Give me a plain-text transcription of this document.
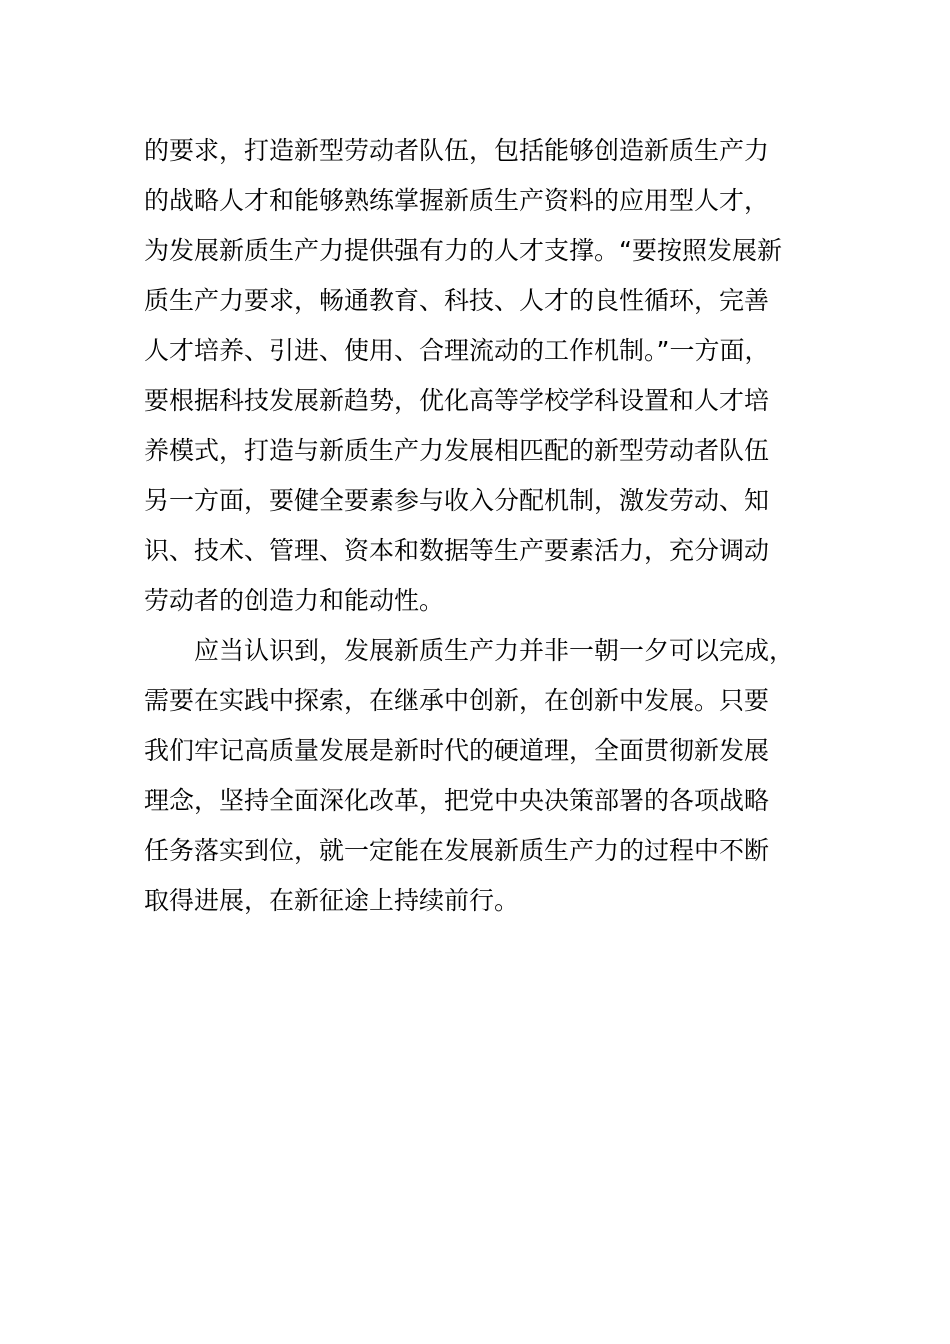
的要求，打造新型劳动者队伍，包括能够创造新质生产力
的战略人才和能够熟练掌握新质生产资料的应用型人才，
为发展新质生产力提供强有力的人才支撑。“要按照发展新
质生产力要求，畅通教育、科技、人才的良性循环，完善
人才培养、引进、使用、合理流动的工作机制。”一方面，
要根据科技发展新趋势，优化高等学校学科设置和人才培
养模式，打造与新质生产力发展相匹配的新型劳动者队伍
另一方面，要健全要素参与收入分配机制，激发劳动、知
识、技术、管理、资本和数据等生产要素活力，充分调动
劳动者的创造力和能动性。
应当认识到，发展新质生产力并非一朝一夕可以完成，
需要在实践中探索，在继承中创新，在创新中发展。只要
我们牢记高质量发展是新时代的硬道理，全面贯彻新发展
理念，坚持全面深化改革，把党中央决策部署的各项战略
任务落实到位，就一定能在发展新质生产力的过程中不断
取得进展，在新征途上持续前行。
